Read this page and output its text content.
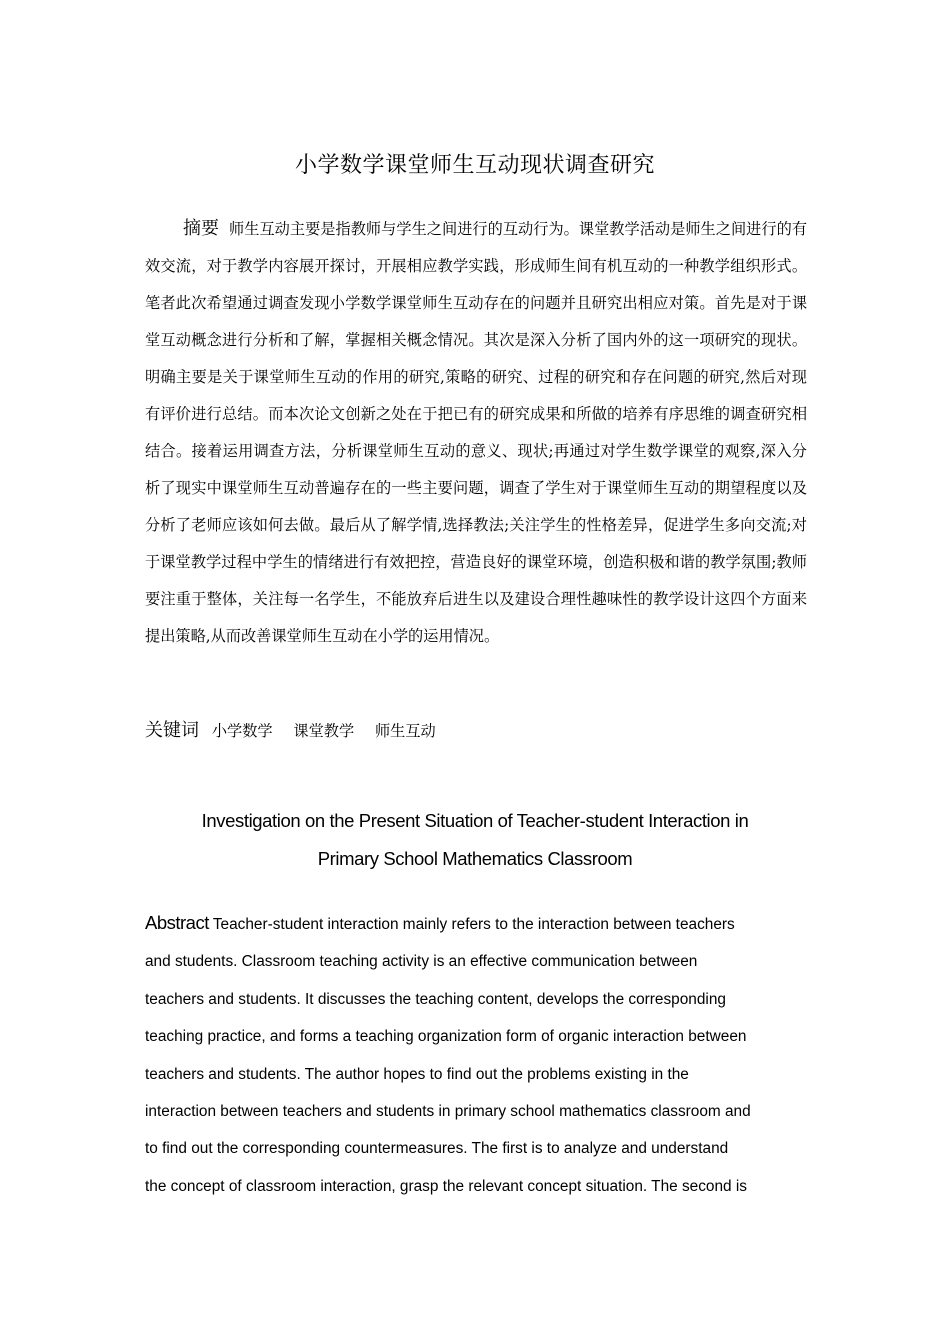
小学数学课堂师生互动现状调查研究
摘要 师生互动主要是指教师与学生之间进行的互动行为。课堂教学活动是师生之间进行的有效交流，对于教学内容展开探讨，开展相应教学实践，形成师生间有机互动的一种教学组织形式。笔者此次希望通过调查发现小学数学课堂师生互动存在的问题并且研究出相应对策。首先是对于课堂互动概念进行分析和了解，掌握相关概念情况。其次是深入分析了国内外的这一项研究的现状。明确主要是关于课堂师生互动的作用的研究,策略的研究、过程的研究和存在问题的研究,然后对现有评价进行总结。而本次论文创新之处在于把已有的研究成果和所做的培养有序思维的调查研究相结合。接着运用调查方法，分析课堂师生互动的意义、现状;再通过对学生数学课堂的观察,深入分析了现实中课堂师生互动普遍存在的一些主要问题，调查了学生对于课堂师生互动的期望程度以及分析了老师应该如何去做。最后从了解学情,选择教法;关注学生的性格差异，促进学生多向交流;对于课堂教学过程中学生的情绪进行有效把控，营造良好的课堂环境，创造积极和谐的教学氛围;教师要注重于整体，关注每一名学生，不能放弃后进生以及建设合理性趣味性的教学设计这四个方面来提出策略,从而改善课堂师生互动在小学的运用情况。
关键词 小学数学 课堂教学 师生互动
Investigation on the Present Situation of Teacher-student Interaction in
Primary School Mathematics Classroom
Abstract Teacher-student interaction mainly refers to the interaction between teachers
and students. Classroom teaching activity is an effective communication between
teachers and students. It discusses the teaching content, develops the corresponding
teaching practice, and forms a teaching organization form of organic interaction between
teachers and students. The author hopes to find out the problems existing in the
interaction between teachers and students in primary school mathematics classroom and
to find out the corresponding countermeasures. The first is to analyze and understand
the concept of classroom interaction, grasp the relevant concept situation. The second is
